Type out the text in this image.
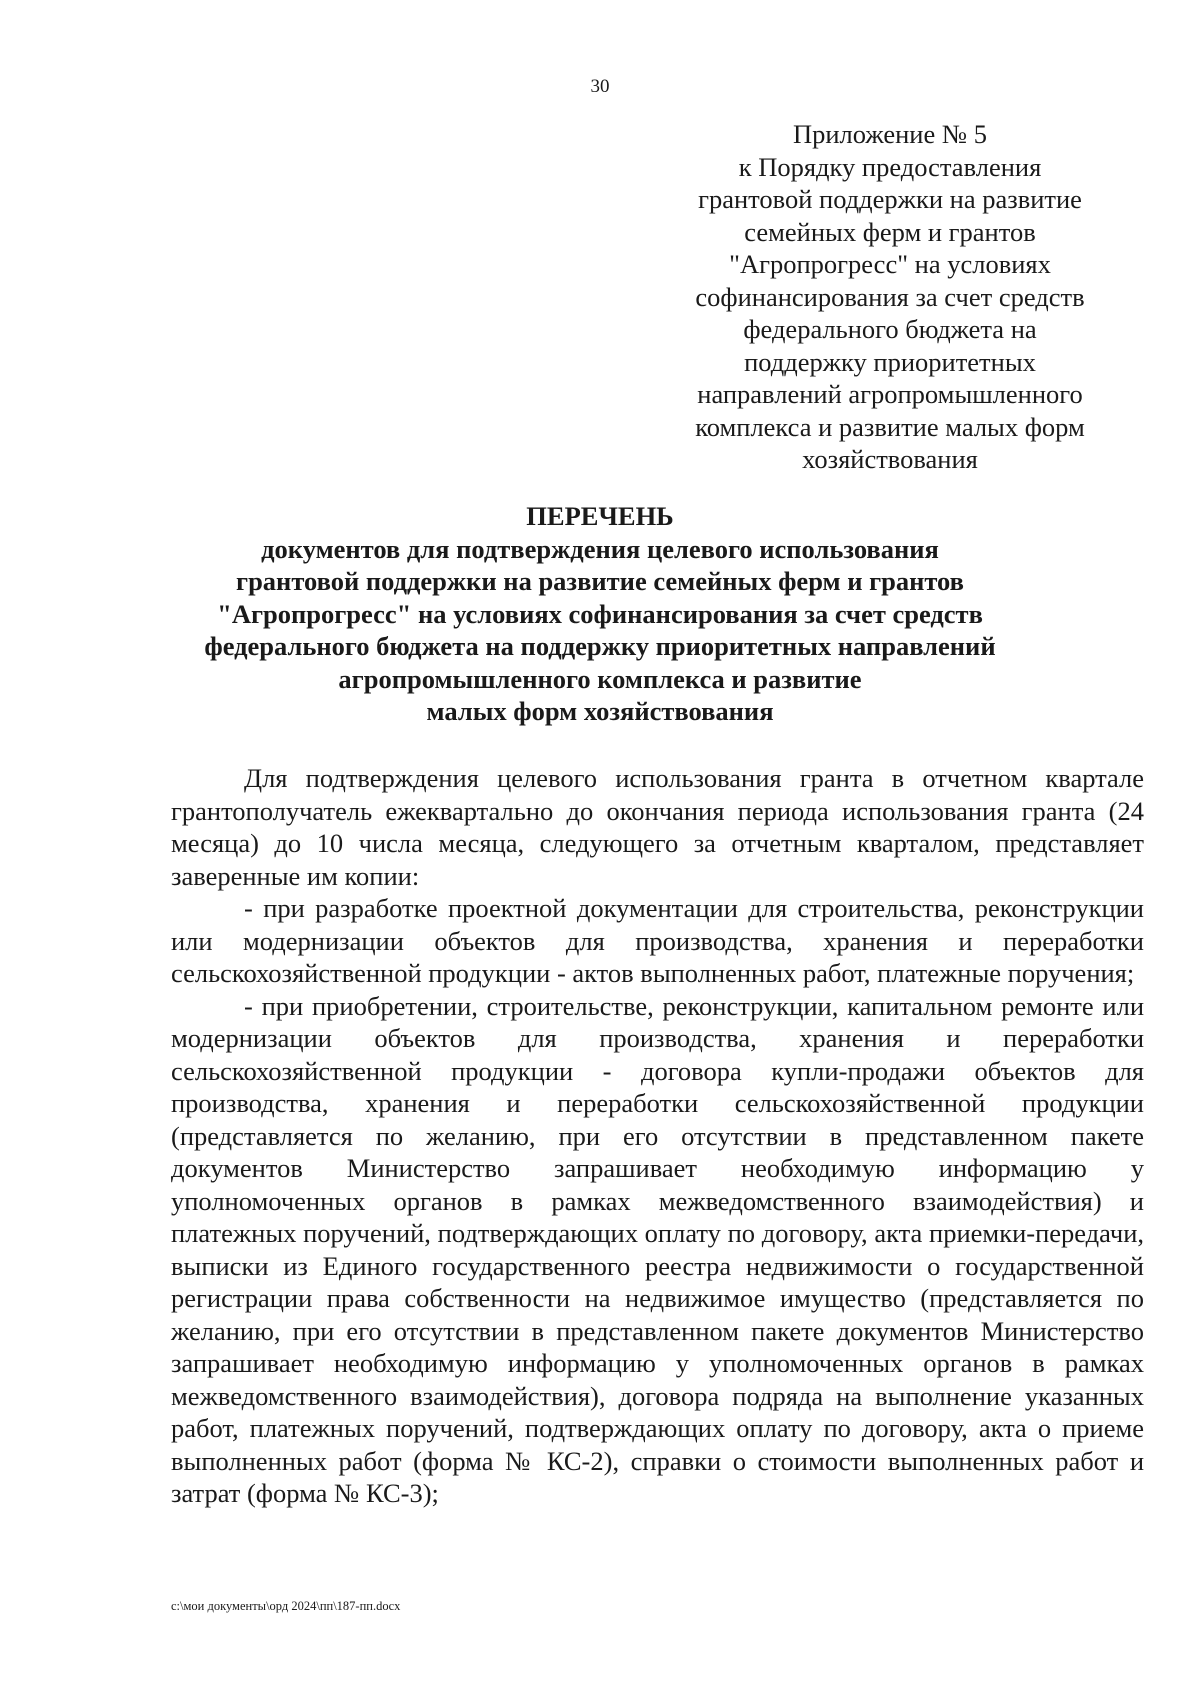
30
Приложение № 5
к Порядку предоставления
грантовой поддержки на развитие
семейных ферм и грантов
"Агропрогресс" на условиях
софинансирования за счет средств
федерального бюджета на
поддержку приоритетных
направлений агропромышленного
комплекса и развитие малых форм
хозяйствования
ПЕРЕЧЕНЬ
документов для подтверждения целевого использования
грантовой поддержки на развитие семейных ферм и грантов
"Агропрогресс" на условиях софинансирования за счет средств
федерального бюджета на поддержку приоритетных направлений
агропромышленного комплекса и развитие
малых форм хозяйствования

Для подтверждения целевого использования гранта в отчетном квартале грантополучатель ежеквартально до окончания периода использования гранта (24 месяца) до 10 числа месяца, следующего за отчетным кварталом, представляет заверенные им копии:

- при разработке проектной документации для строительства, реконструкции или модернизации объектов для производства, хранения и переработки сельскохозяйственной продукции - актов выполненных работ, платежные поручения;

- при приобретении, строительстве, реконструкции, капитальном ремонте или модернизации объектов для производства, хранения и переработки сельскохозяйственной продукции - договора купли-продажи объектов для производства, хранения и переработки сельскохозяйственной продукции (представляется по желанию, при его отсутствии в представленном пакете документов Министерство запрашивает необходимую информацию у уполномоченных органов в рамках межведомственного взаимодействия) и платежных поручений, подтверждающих оплату по договору, акта приемки-передачи, выписки из Единого государственного реестра недвижимости о государственной регистрации права собственности на недвижимое имущество (представляется по желанию, при его отсутствии в представленном пакете документов Министерство запрашивает необходимую информацию у уполномоченных органов в рамках межведомственного взаимодействия), договора подряда на выполнение указанных работ, платежных поручений, подтверждающих оплату по договору, акта о приеме выполненных работ (форма № КС-2), справки о стоимости выполненных работ и затрат (форма № КС-3);

c:\мои документы\орд 2024\пп\187-пп.docx
